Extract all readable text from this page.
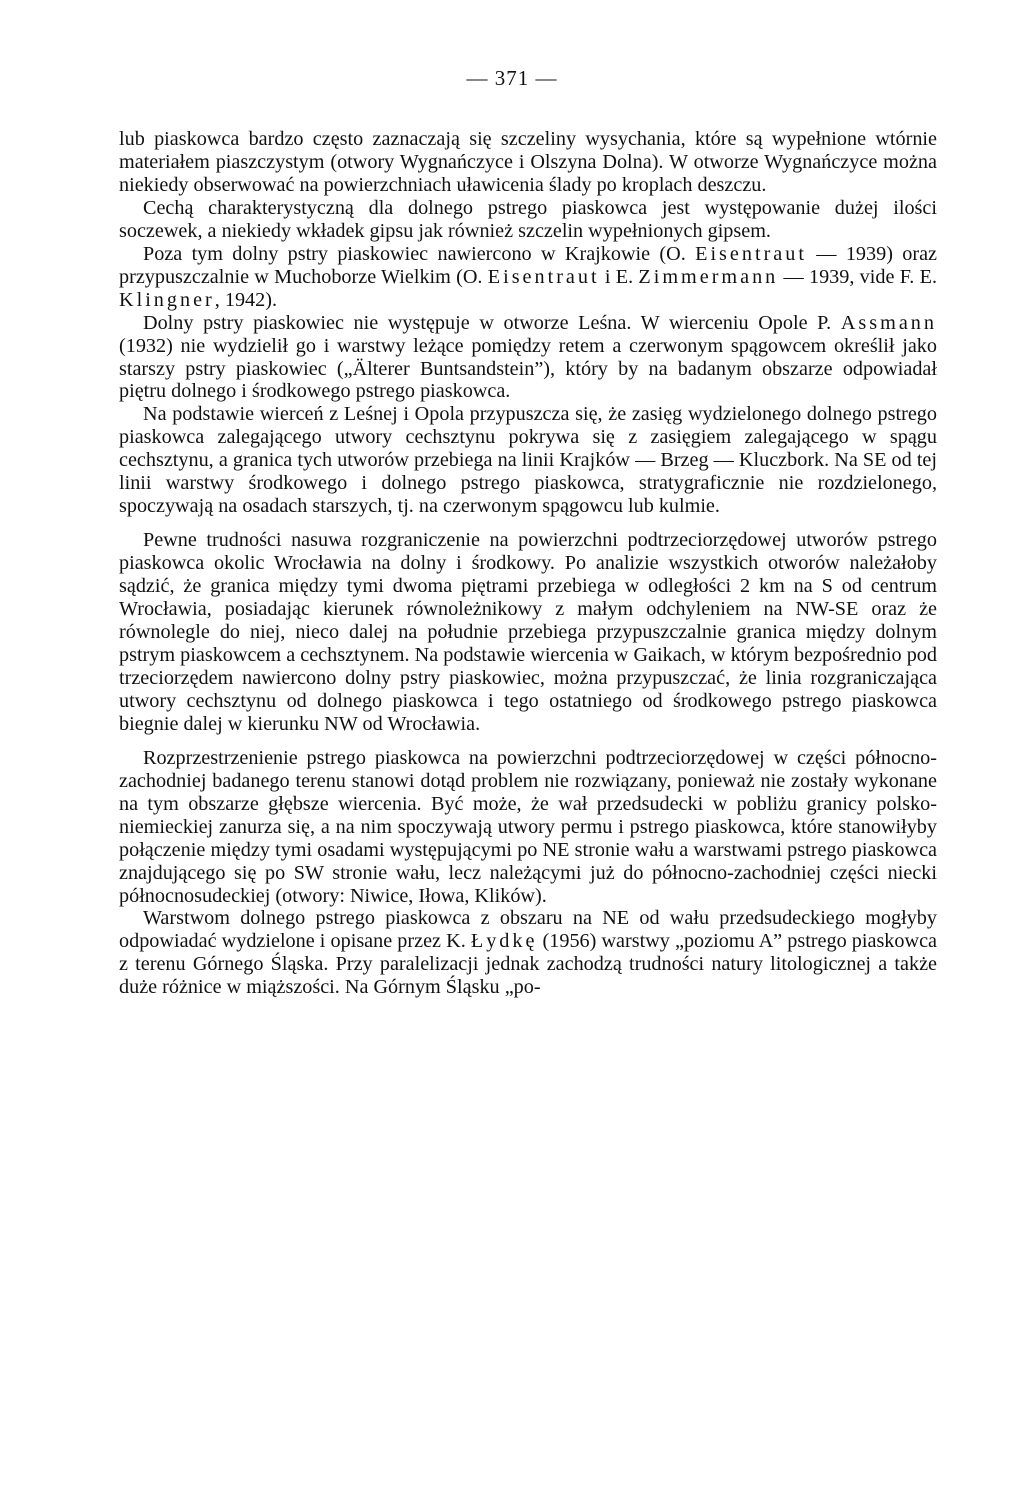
— 371 —

lub piaskowca bardzo często zaznaczają się szczeliny wysychania, które są wypełnione wtórnie materiałem piaszczystym (otwory Wygnańczyce i Olszyna Dolna). W otworze Wygnańczyce można niekiedy obserwować na powierzchniach uławicenia ślady po kroplach deszczu.

Cechą charakterystyczną dla dolnego pstrego piaskowca jest występowanie dużej ilości soczewek, a niekiedy wkładek gipsu jak również szczelin wypełnionych gipsem.

Poza tym dolny pstry piaskowiec nawiercono w Krajkowie (O. Eisentraut — 1939) oraz przypuszczalnie w Muchoborze Wielkim (O. Eisentraut i E. Zimmermann — 1939, vide F. E. Klingner, 1942).

Dolny pstry piaskowiec nie występuje w otworze Leśna. W wierceniu Opole P. Assmann (1932) nie wydzielił go i warstwy leżące pomiędzy retem a czerwonym spągowcem określił jako starszy pstry piaskowiec („Älterer Buntsandstein”), który by na badanym obszarze odpowiadał piętru dolnego i środkowego pstrego piaskowca.

Na podstawie wierceń z Leśnej i Opola przypuszcza się, że zasięg wydzielonego dolnego pstrego piaskowca zalegającego utwory cechsztynu pokrywa się z zasięgiem zalegającego w spągu cechsztynu, a granica tych utworów przebiega na linii Krajków — Brzeg — Kluczbork. Na SE od tej linii warstwy środkowego i dolnego pstrego piaskowca, stratygraficznie nie rozdzielonego, spoczywają na osadach starszych, tj. na czerwonym spągowcu lub kulmie.

Pewne trudności nasuwa rozgraniczenie na powierzchni podtrzeciorzędowej utworów pstrego piaskowca okolic Wrocławia na dolny i środkowy. Po analizie wszystkich otworów należałoby sądzić, że granica między tymi dwoma piętrami przebiega w odległości 2 km na S od centrum Wrocławia, posiadając kierunek równoleżnikowy z małym odchyleniem na NW-SE oraz że równolegle do niej, nieco dalej na południe przebiega przypuszczalnie granica między dolnym pstrym piaskowcem a cechsztynem. Na podstawie wiercenia w Gaikach, w którym bezpośrednio pod trzeciorzędem nawiercono dolny pstry piaskowiec, można przypuszczać, że linia rozgraniczająca utwory cechsztynu od dolnego piaskowca i tego ostatniego od środkowego pstrego piaskowca biegnie dalej w kierunku NW od Wrocławia.

Rozprzestrzenienie pstrego piaskowca na powierzchni podtrzeciorzędowej w części północno-zachodniej badanego terenu stanowi dotąd problem nie rozwiązany, ponieważ nie zostały wykonane na tym obszarze głębsze wiercenia. Być może, że wał przedsudecki w pobliżu granicy polsko-niemieckiej zanurza się, a na nim spoczywają utwory permu i pstrego piaskowca, które stanowiłyby połączenie między tymi osadami występującymi po NE stronie wału a warstwami pstrego piaskowca znajdującego się po SW stronie wału, lecz należącymi już do północno-zachodniej części niecki północnosudeckiej (otwory: Niwice, Iłowa, Klików).

Warstwom dolnego pstrego piaskowca z obszaru na NE od wału przedsudeckiego mogłyby odpowiadać wydzielone i opisane przez K. Łydkę (1956) warstwy „poziomu A” pstrego piaskowca z terenu Górnego Śląska. Przy paralelizacji jednak zachodzą trudności natury litologicznej a także duże różnice w miąższości. Na Górnym Śląsku „po-
